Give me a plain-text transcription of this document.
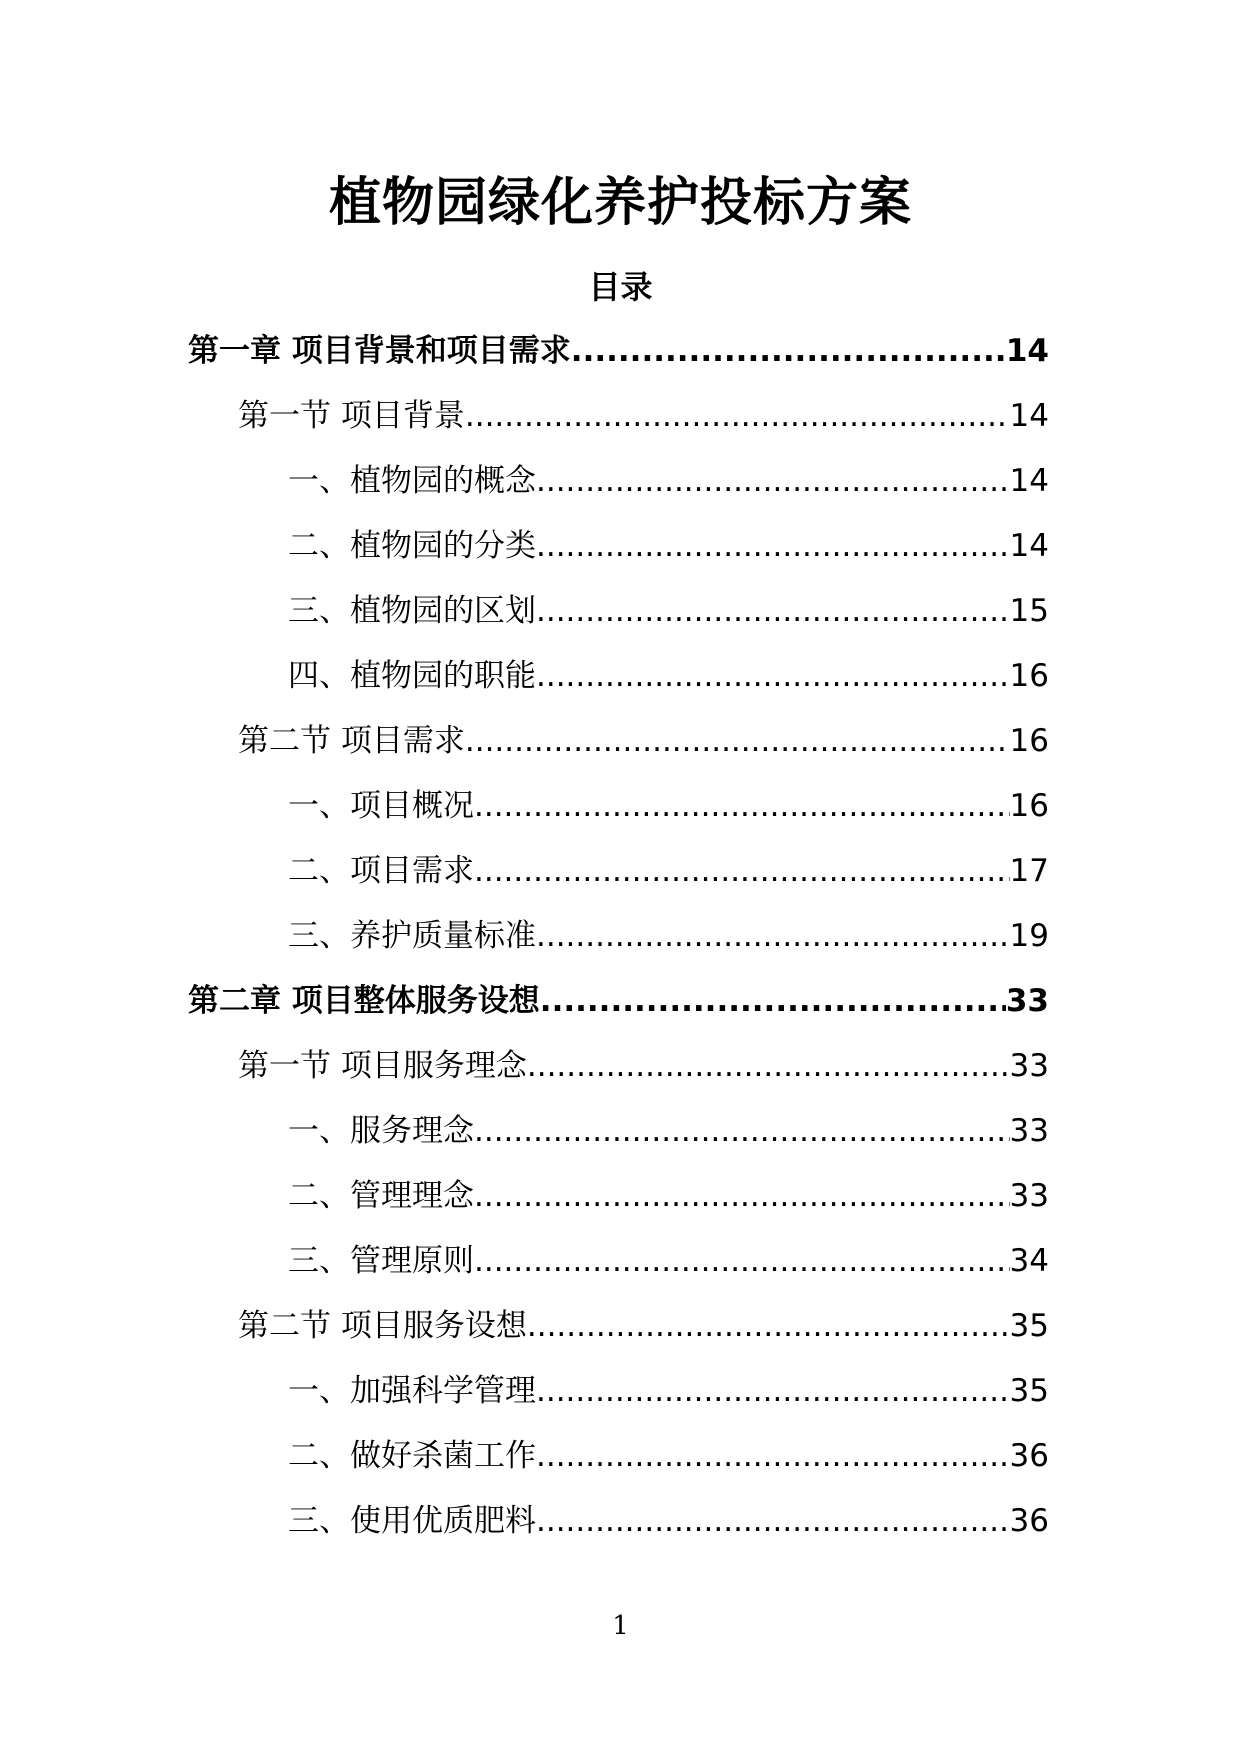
植物园绿化养护投标方案
目录
第一章 项目背景和项目需求 .....	14
第一节 项目背景 .....	14
一、植物园的概念 .....	14
二、植物园的分类 .....	14
三、植物园的区划 .....	15
四、植物园的职能 .....	16
第二节 项目需求 .....	16
一、项目概况 .....	16
二、项目需求 .....	17
三、养护质量标准 .....	19
第二章 项目整体服务设想 .....	33
第一节 项目服务理念 .....	33
一、服务理念 .....	33
二、管理理念 .....	33
三、管理原则 .....	34
第二节 项目服务设想 .....	35
一、加强科学管理 .....	35
二、做好杀菌工作 .....	36
三、使用优质肥料 .....	36
1
